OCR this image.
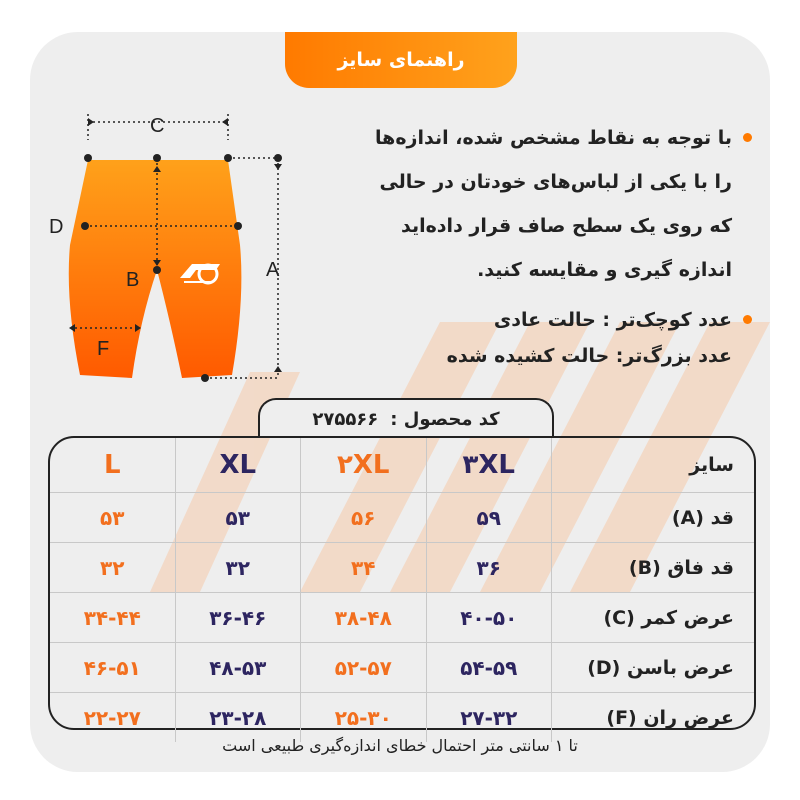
راهنمای سایز
C
A
B
D
F
با توجه به نقاط مشخص شده، اندازه‌ها
را با یکی از لباس‌های خودتان در حالی
که روی یک سطح صاف قرار داده‌اید
اندازه گیری و مقایسه کنید.
عدد کوچک‌تر : حالت عادی
عدد بزرگ‌تر: حالت کشیده شده
کد محصول :
۲۷۵۵۶۶
سایز
۳XL
۲XL
XL
L
قد (A)
۵۹
۵۶
۵۳
۵۳
قد فاق (B)
۳۶
۳۴
۳۲
۳۲
عرض کمر (C)
۴۰-۵۰
۳۸-۴۸
۳۶-۴۶
۳۴-۴۴
عرض باسن (D)
۵۴-۵۹
۵۲-۵۷
۴۸-۵۳
۴۶-۵۱
عرض ران (F)
۲۷-۳۲
۲۵-۳۰
۲۳-۲۸
۲۲-۲۷
تا ۱ سانتی متر احتمال خطای اندازه‌گیری طبیعی است
